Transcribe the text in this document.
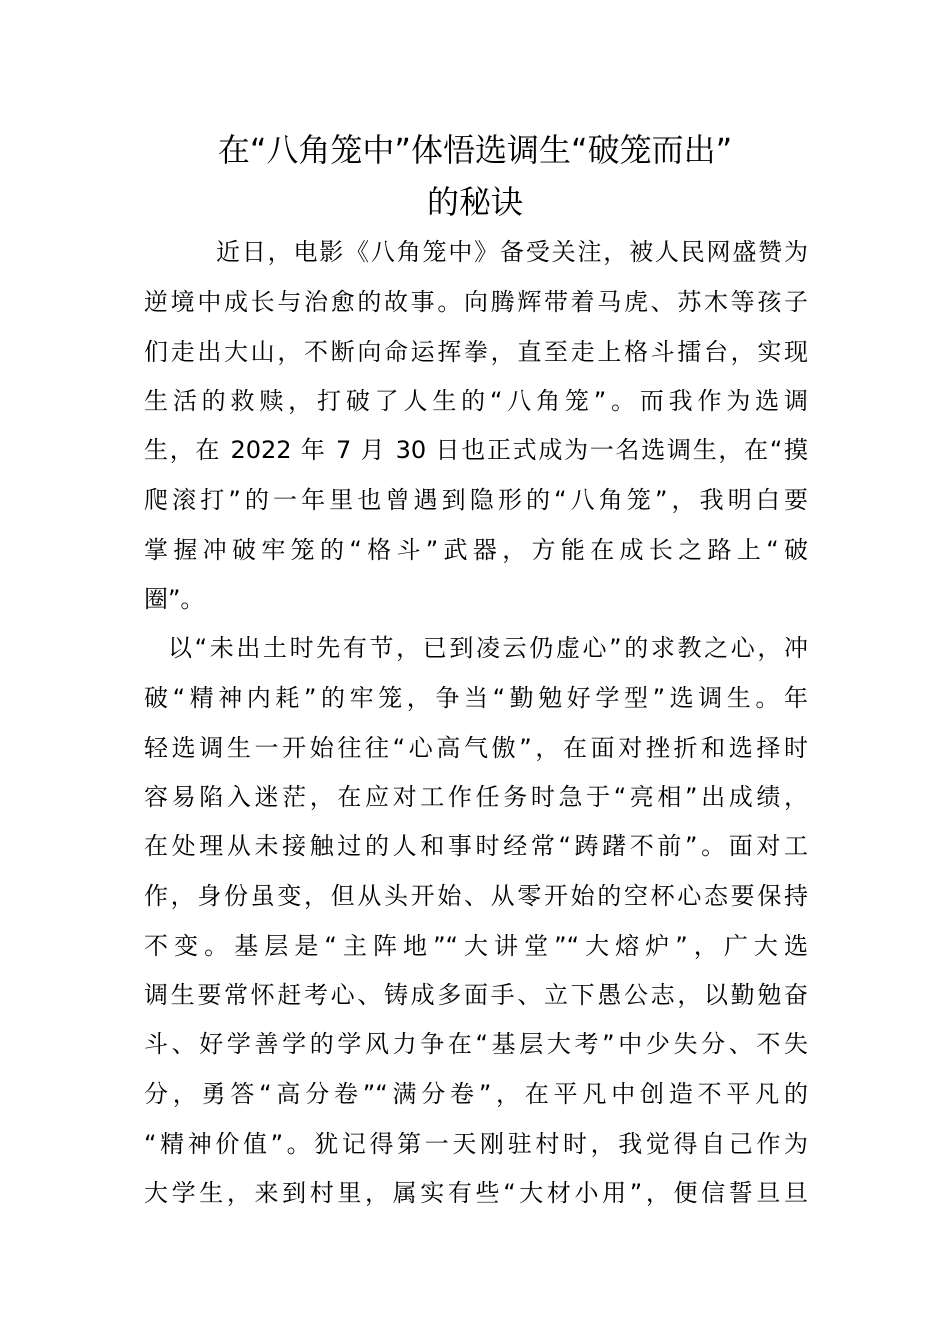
在“八角笼中”体悟选调生“破笼而出”
的秘诀
近日，电影《八角笼中》备受关注，被人民网盛赞为
逆境中成长与治愈的故事。向腾辉带着马虎、苏木等孩子
们走出大山，不断向命运挥拳，直至走上格斗擂台，实现
生活的救赎，打破了人生的“八角笼”。而我作为选调
生，在 2022 年 7 月 30 日也正式成为一名选调生，在“摸
爬滚打”的一年里也曾遇到隐形的“八角笼”，我明白要
掌握冲破牢笼的“格斗”武器，方能在成长之路上“破
圈”。
以“未出土时先有节，已到凌云仍虚心”的求教之心，冲
破“精神内耗”的牢笼，争当“勤勉好学型”选调生。年
轻选调生一开始往往“心高气傲”，在面对挫折和选择时
容易陷入迷茫，在应对工作任务时急于“亮相”出成绩，
在处理从未接触过的人和事时经常“踌躇不前”。面对工
作，身份虽变，但从头开始、从零开始的空杯心态要保持
不变。基层是“主阵地”“大讲堂”“大熔炉”，广大选
调生要常怀赶考心、铸成多面手、立下愚公志，以勤勉奋
斗、好学善学的学风力争在“基层大考”中少失分、不失
分，勇答“高分卷”“满分卷”，在平凡中创造不平凡的
“精神价值”。犹记得第一天刚驻村时，我觉得自己作为
大学生，来到村里，属实有些“大材小用”，便信誓旦旦
